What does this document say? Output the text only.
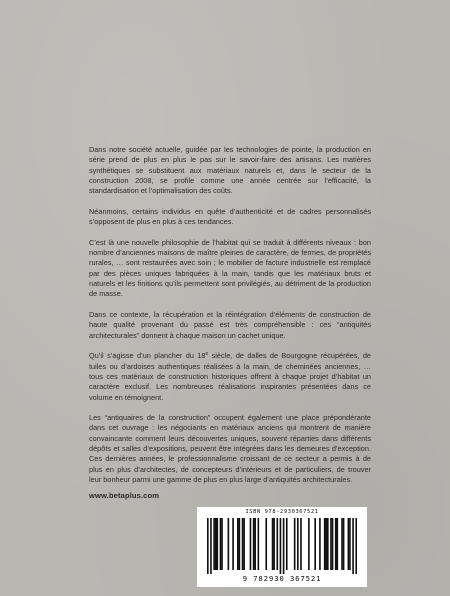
Dans notre société actuelle, guidée par les technologies de pointe, la production en série prend de plus en plus le pas sur le savoir-faire des artisans. Les matières synthétiques se substituent aux matériaux naturels et, dans le secteur de la construction 2008, se profile comme une année centrée sur l’efficacité, la standardisation et l’optimalisation des coûts.

Néanmoins, certains individus en quête d’authenticité et de cadres personnalisés s’opposent de plus en plus à ces tendances.

C’est là une nouvelle philosophie de l’habitat qui se traduit à différents niveaux : bon nombre d’anciennes maisons de maître pleines de caractère, de fermes, de propriétés rurales, … sont restaurées avec soin ; le mobilier de facture industrielle est remplacé par des pièces uniques fabriquées à la main, tandis que les matériaux bruts et naturels et les finitions qu’ils permettent sont privilégiés, au détriment de la production de masse.

Dans ce contexte, la récupération et la réintégration d’éléments de construction de haute qualité provenant du passé est très compréhensible : ces “antiquités architecturales” donnent à chaque maison un cachet unique.

Qu’il s’agisse d’un plancher du 18e siècle, de dalles de Bourgogne récupérées, de tuiles ou d’ardoises authentiques réalisées à la main, de cheminées anciennes, … tous ces matériaux de construction historiques offrent à chaque projet d’habitat un caractère exclusif. Les nombreuses réalisations inspirantes présentées dans ce volume en témoignent.

Les “antiquaires de la construction” occupent également une place prépondérante dans cet ouvrage : les négociants en matériaux anciens qui montrent de manière convaincante comment leurs découvertes uniques, souvent réparties dans différents dépôts et salles d’expositions, peuvent être intégrées dans les demeures d’exception. Ces dernières années, le professionnalisme croissant de ce secteur a permis à de plus en plus d’architectes, de concepteurs d’intérieurs et de particuliers, de trouver leur bonheur parmi une gamme de plus en plus large d’antiquités architecturales.

www.betaplus.com
ISBN 978-2930367521
9 782930 367521
